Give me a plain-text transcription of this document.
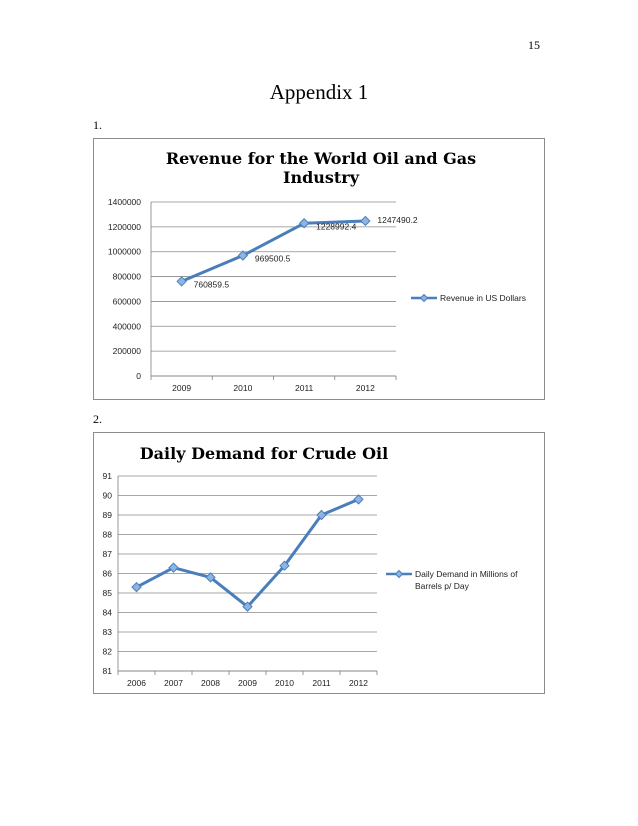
15
Appendix 1
1.
Revenue for the World Oil and Gas
Industry
0
200000
400000
600000
800000
1000000
1200000
1400000
2009	2010	2011	2012
760859.5
969500.5
1228992.4
1247490.2
Revenue in US Dollars
2.
Daily Demand for Crude Oil
81
82
83
84
85
86
87
88
89
90
91
2006 2007 2008 2009 2010 2011 2012
Daily Demand in Millions of
Barrels p/ Day
